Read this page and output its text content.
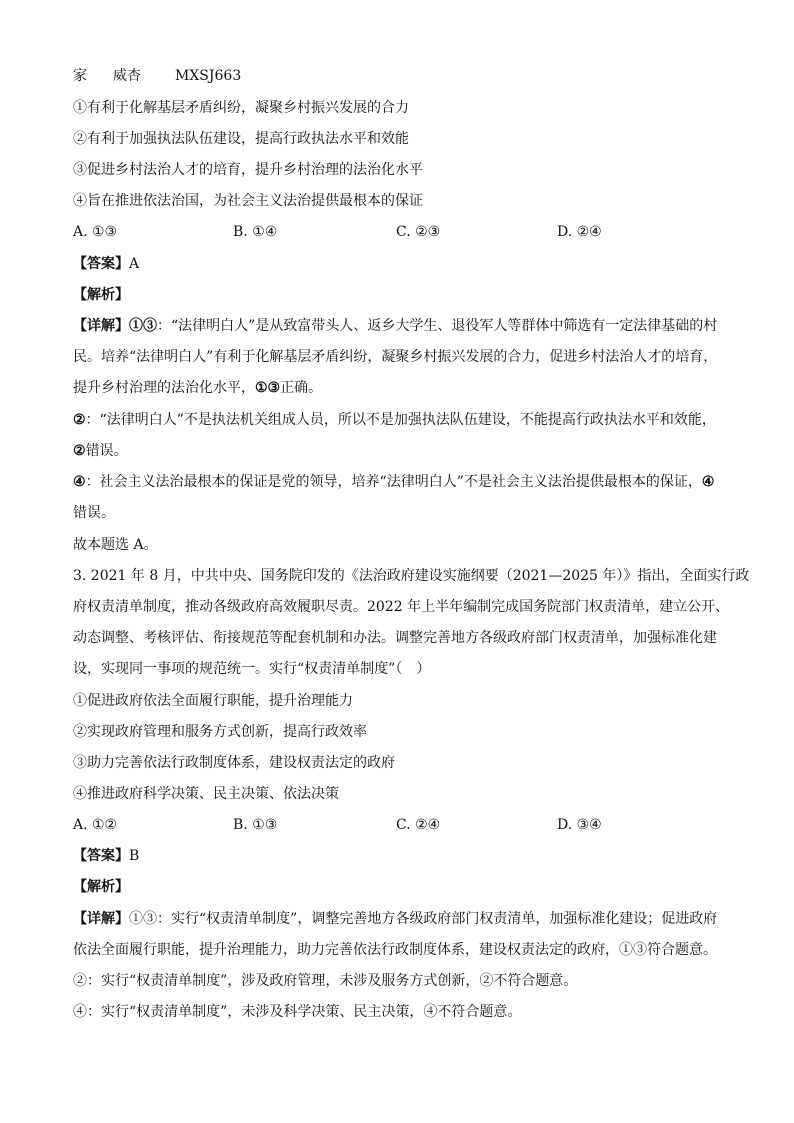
家 威杏 MXSJ663
①有利于化解基层矛盾纠纷，凝聚乡村振兴发展的合力
②有利于加强执法队伍建设，提高行政执法水平和效能
③促进乡村法治人才的培育，提升乡村治理的法治化水平
④旨在推进依法治国，为社会主义法治提供最根本的保证
A. ①③	B. ①④	C. ②③	D. ②④
【答案】A
【解析】
【详解】①③：“法律明白人”是从致富带头人、返乡大学生、退役军人等群体中筛选有一定法律基础的村
民。培养“法律明白人”有利于化解基层矛盾纠纷，凝聚乡村振兴发展的合力，促进乡村法治人才的培育，
提升乡村治理的法治化水平，①③正确。
②：“法律明白人”不是执法机关组成人员，所以不是加强执法队伍建设，不能提高行政执法水平和效能，
②错误。
④：社会主义法治最根本的保证是党的领导，培养“法律明白人”不是社会主义法治提供最根本的保证，④
错误。
故本题选 A。
3. 2021 年 8 月，中共中央、国务院印发的《法治政府建设实施纲要（2021—2025 年）》指出，全面实行政
府权责清单制度，推动各级政府高效履职尽责。2022 年上半年编制完成国务院部门权责清单，建立公开、
动态调整、考核评估、衔接规范等配套机制和办法。调整完善地方各级政府部门权责清单，加强标准化建
设，实现同一事项的规范统一。实行“权责清单制度”（　）
①促进政府依法全面履行职能，提升治理能力
②实现政府管理和服务方式创新，提高行政效率
③助力完善依法行政制度体系，建设权责法定的政府
④推进政府科学决策、民主决策、依法决策
A. ①②	B. ①③	C. ②④	D. ③④
【答案】B
【解析】
【详解】①③：实行“权责清单制度”，调整完善地方各级政府部门权责清单，加强标准化建设；促进政府
依法全面履行职能，提升治理能力，助力完善依法行政制度体系，建设权责法定的政府，①③符合题意。
②：实行“权责清单制度”，涉及政府管理，未涉及服务方式创新，②不符合题意。
④：实行“权责清单制度”，未涉及科学决策、民主决策，④不符合题意。
